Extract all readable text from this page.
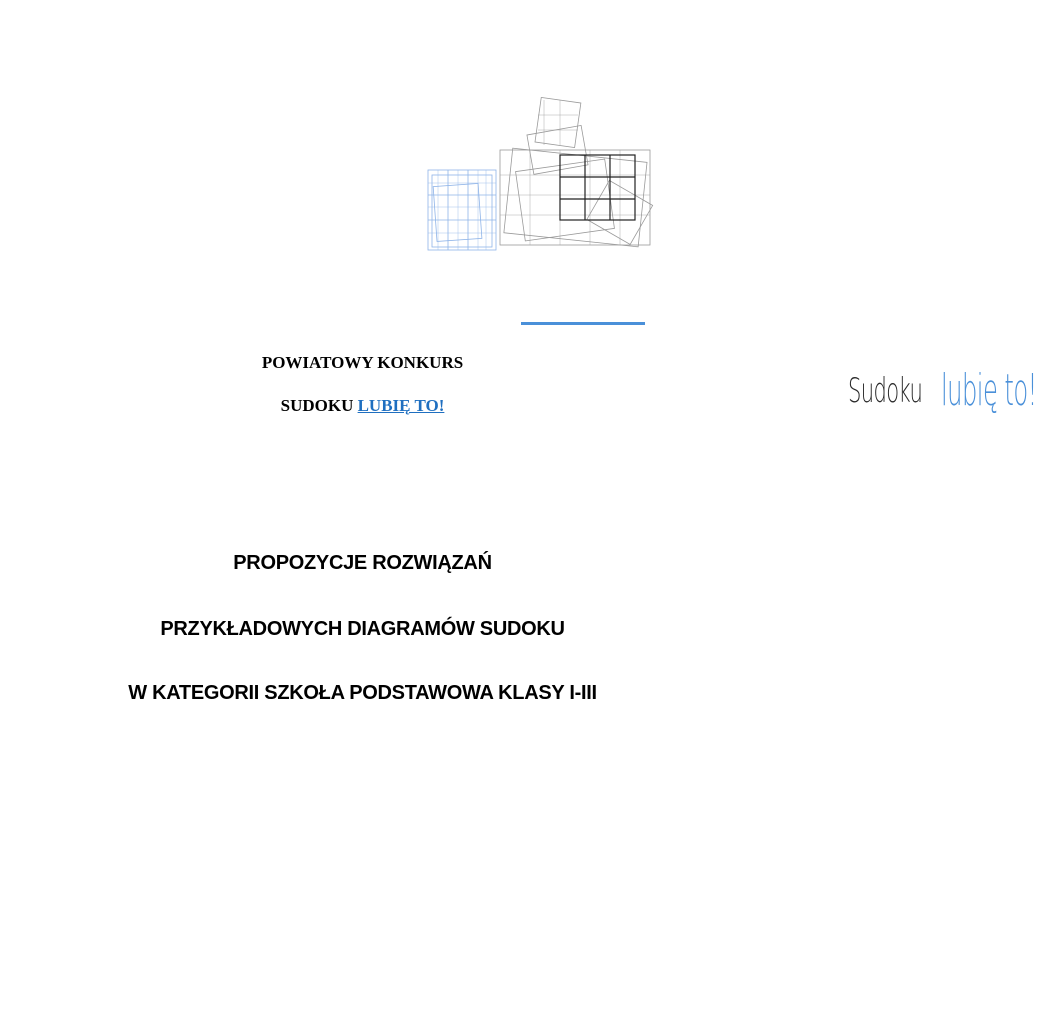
Sudoku lubię to!
POWIATOWY KONKURS
SUDOKU LUBIĘ TO!
PROPOZYCJE ROZWIĄZAŃ
PRZYKŁADOWYCH DIAGRAMÓW SUDOKU
W KATEGORII SZKOŁA PODSTAWOWA KLASY I-III
